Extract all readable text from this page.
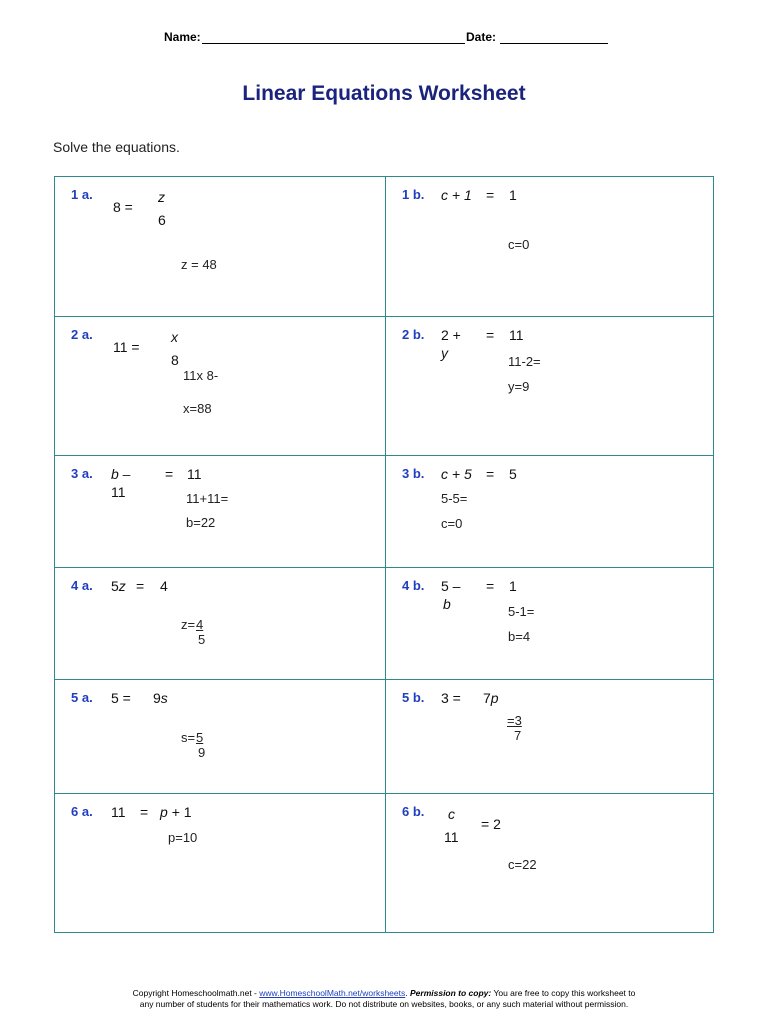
Name:	Date:
Linear Equations Worksheet
Solve the equations.
1 a.
8 =
z
6
z = 48
1 b. c + 1 = 1
c=0
2 a.
11 =
x
8
11x 8-
x=88
2 b. 2 +
y
= 11
11-2=
y=9
3 a. b –
11
= 11
11+11=
b=22
3 b. c + 5 = 5
5-5=
c=0
4 a. 5z = 4
z= 4
5
4 b. 5 –
b
= 1
5-1=
b=4
5 a. 5 = 9s
s= 5
9
5 b. 3 = 7p
=3
7
6 a. 11 = p + 1
p=10
6 b. c
11
= 2
c=22
Copyright Homeschoolmath.net - www.HomeschoolMath.net/worksheets. Permission to copy: You are free to copy this worksheet to
any number of students for their mathematics work. Do not distribute on websites, books, or any such material without permission.
